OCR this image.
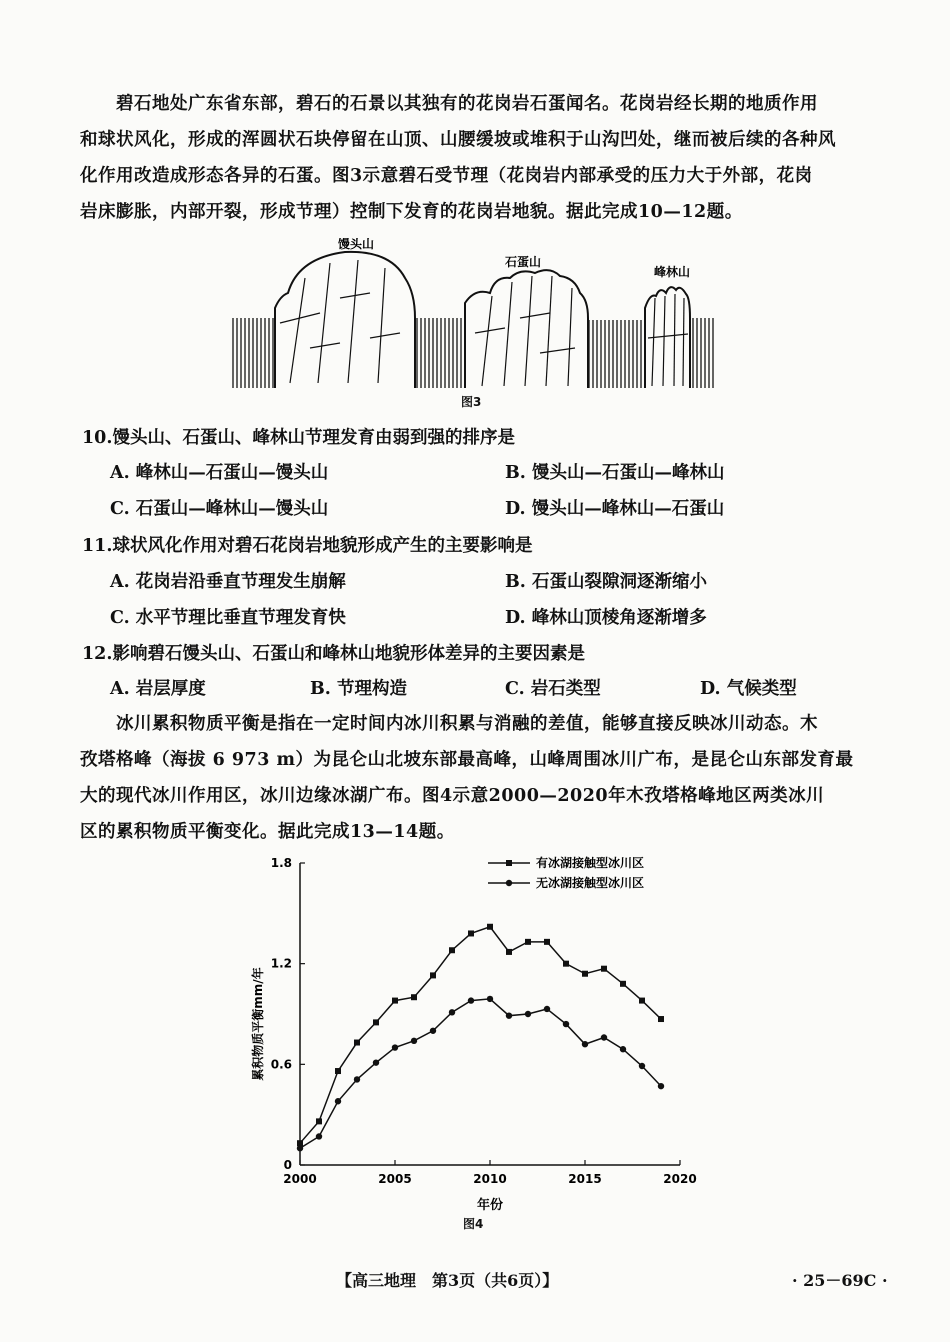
碧石地处广东省东部，碧石的石景以其独有的花岗岩石蛋闻名。花岗岩经长期的地质作用
和球状风化，形成的浑圆状石块停留在山顶、山腰缓坡或堆积于山沟凹处，继而被后续的各种风
化作用改造成形态各异的石蛋。图3示意碧石受节理（花岗岩内部承受的压力大于外部，花岗
岩床膨胀，内部开裂，形成节理）控制下发育的花岗岩地貌。据此完成10—12题。
馒头山
石蛋山
峰林山
图3
10.馒头山、石蛋山、峰林山节理发育由弱到强的排序是
A. 峰林山—石蛋山—馒头山	B. 馒头山—石蛋山—峰林山
C. 石蛋山—峰林山—馒头山	D. 馒头山—峰林山—石蛋山
11.球状风化作用对碧石花岗岩地貌形成产生的主要影响是
A. 花岗岩沿垂直节理发生崩解	B. 石蛋山裂隙洞逐渐缩小
C. 水平节理比垂直节理发育快	D. 峰林山顶棱角逐渐增多
12.影响碧石馒头山、石蛋山和峰林山地貌形体差异的主要因素是
A. 岩层厚度	B. 节理构造	C. 岩石类型	D. 气候类型
冰川累积物质平衡是指在一定时间内冰川积累与消融的差值，能够直接反映冰川动态。木
孜塔格峰（海拔 6 973 m）为昆仑山北坡东部最高峰，山峰周围冰川广布，是昆仑山东部发育最
大的现代冰川作用区，冰川边缘冰湖广布。图4示意2000—2020年木孜塔格峰地区两类冰川
区的累积物质平衡变化。据此完成13—14题。
0
0.6
1.2
1.8
2000	2005	2010	2015	2020
有冰湖接触型冰川区
无冰湖接触型冰川区
年份
累积物质平衡mm/年
图4
【高三地理　第3页（共6页）】	· 25－69C ·
